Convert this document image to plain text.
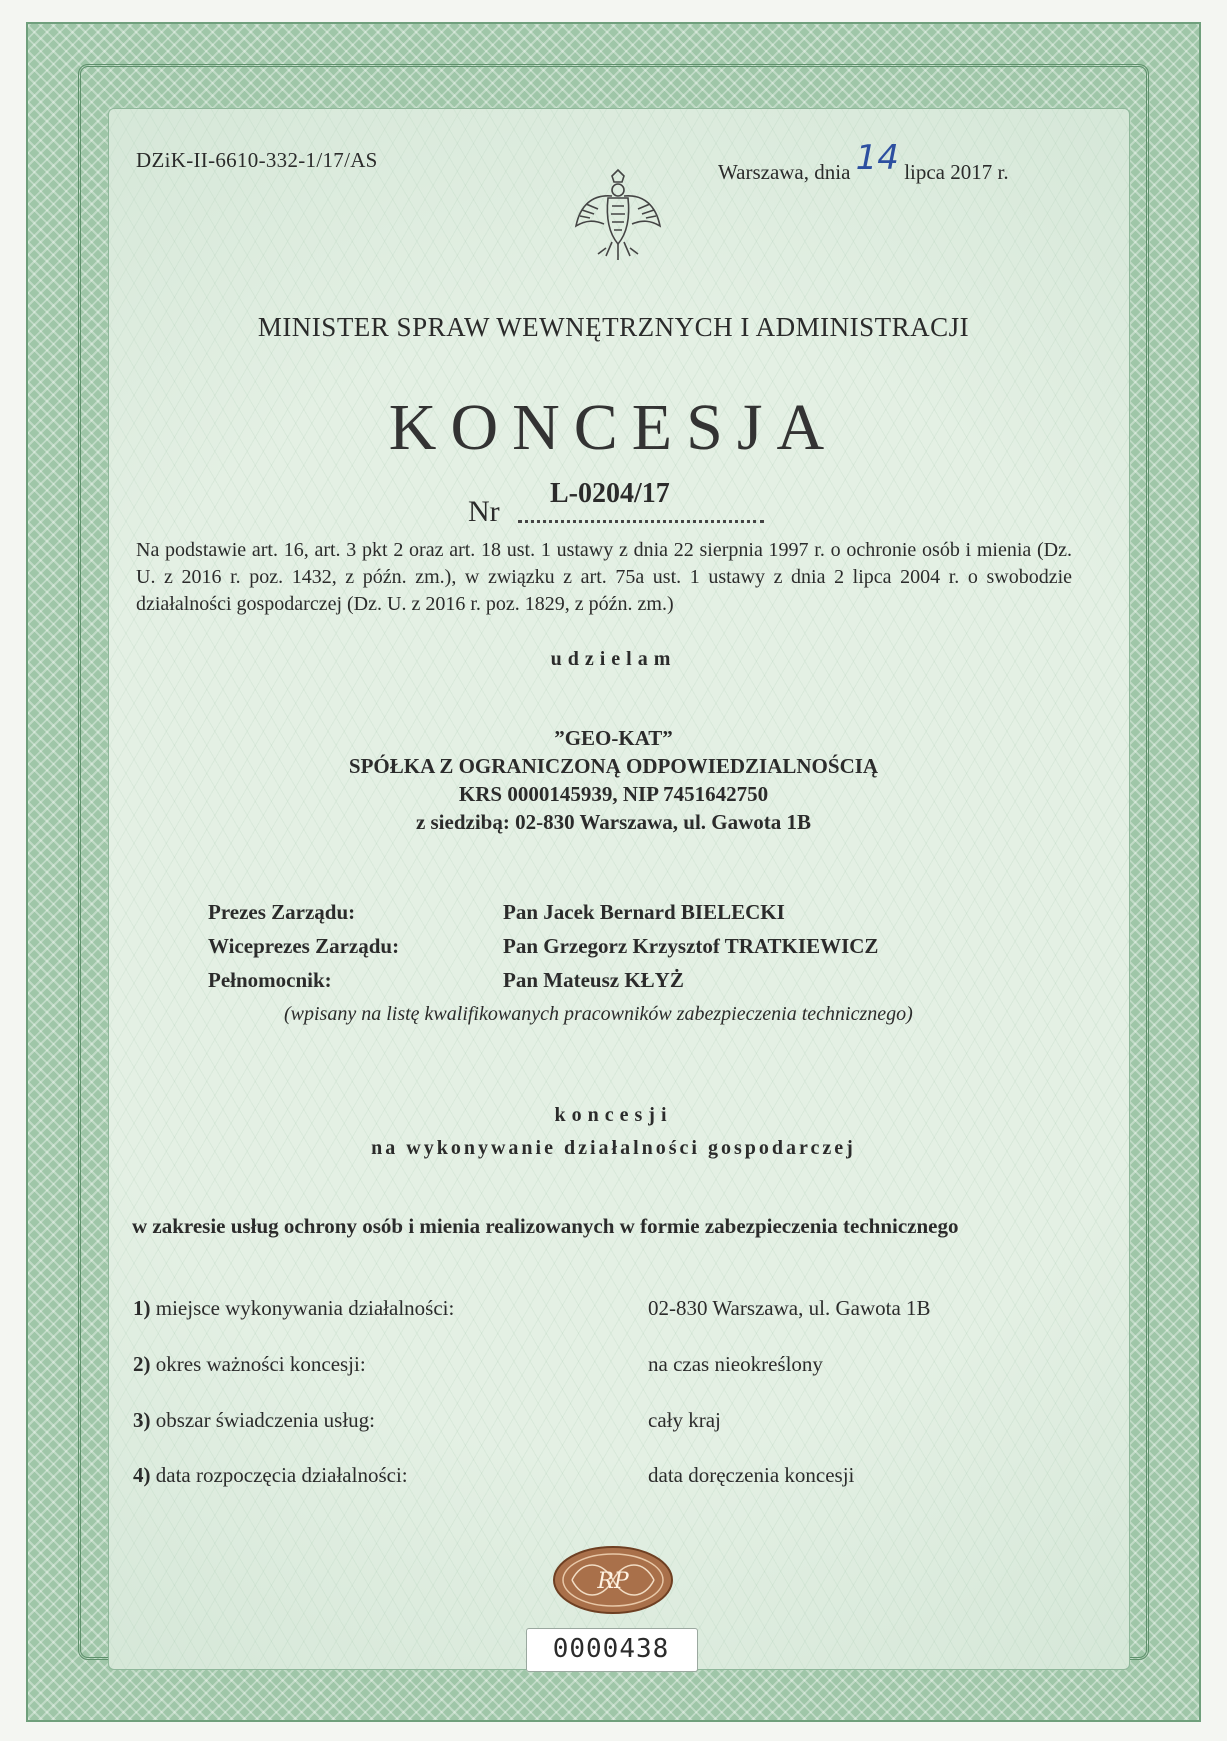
DZiK-II-6610-332-1/17/AS	Warszawa, dnia 14 lipca 2017 r.
MINISTER SPRAW WEWNĘTRZNYCH I ADMINISTRACJI
KONCESJA
Nr
L-0204/17
Na podstawie art. 16, art. 3 pkt 2 oraz art. 18 ust. 1 ustawy z dnia 22 sierpnia 1997 r. o ochronie osób i mienia (Dz. U. z 2016 r. poz. 1432, z późn. zm.), w związku z art. 75a ust. 1 ustawy z dnia 2 lipca 2004 r. o swobodzie działalności gospodarczej (Dz. U. z 2016 r. poz. 1829, z późn. zm.)
udzielam
”GEO-KAT”
SPÓŁKA Z OGRANICZONĄ ODPOWIEDZIALNOŚCIĄ
KRS 0000145939, NIP 7451642750
z siedzibą: 02-830 Warszawa, ul. Gawota 1B
Prezes Zarządu:	Pan Jacek Bernard BIELECKI
Wiceprezes Zarządu:	Pan Grzegorz Krzysztof TRATKIEWICZ
Pełnomocnik:	Pan Mateusz KŁYŻ
(wpisany na listę kwalifikowanych pracowników zabezpieczenia technicznego)
koncesji
na wykonywanie działalności gospodarczej
w zakresie usług ochrony osób i mienia realizowanych w formie zabezpieczenia technicznego
1) miejsce wykonywania działalności:	02-830 Warszawa, ul. Gawota 1B
2) okres ważności koncesji:	na czas nieokreślony
3) obszar świadczenia usług:	cały kraj
4) data rozpoczęcia działalności:	data doręczenia koncesji
RP
0000438
